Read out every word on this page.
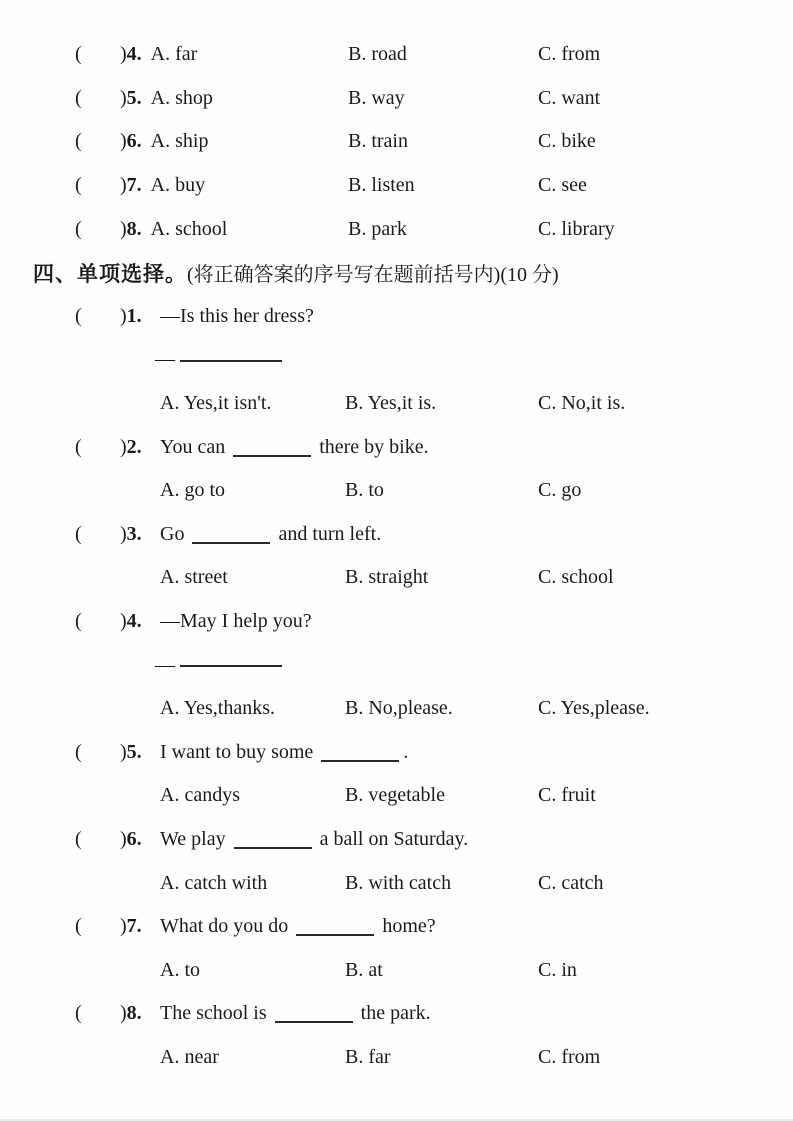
(	)4. A. far	B. road	C. from
(	)5. A. shop	B. way	C. want
(	)6. A. ship	B. train	C. bike
(	)7. A. buy	B. listen	C. see
(	)8. A. school	B. park	C. library
四、单项选择。 (将正确答案的序号写在题前括号内)(10 分)
(	)1. —Is this her dress?
—
A. Yes,it isn't.	B. Yes,it is.	C. No,it is.
(	)2. You can	there by bike.
A. go to	B. to	C. go
(	)3. Go	and turn left.
A. street	B. straight	C. school
(	)4. —May I help you?
—
A. Yes,thanks.	B. No,please.	C. Yes,please.
(	)5. I want to buy some	.
A. candys	B. vegetable	C. fruit
(	)6. We play	a ball on Saturday.
A. catch with	B. with catch	C. catch
(	)7. What do you do	home?
A. to	B. at	C. in
(	)8. The school is	the park.
A. near	B. far	C. from
